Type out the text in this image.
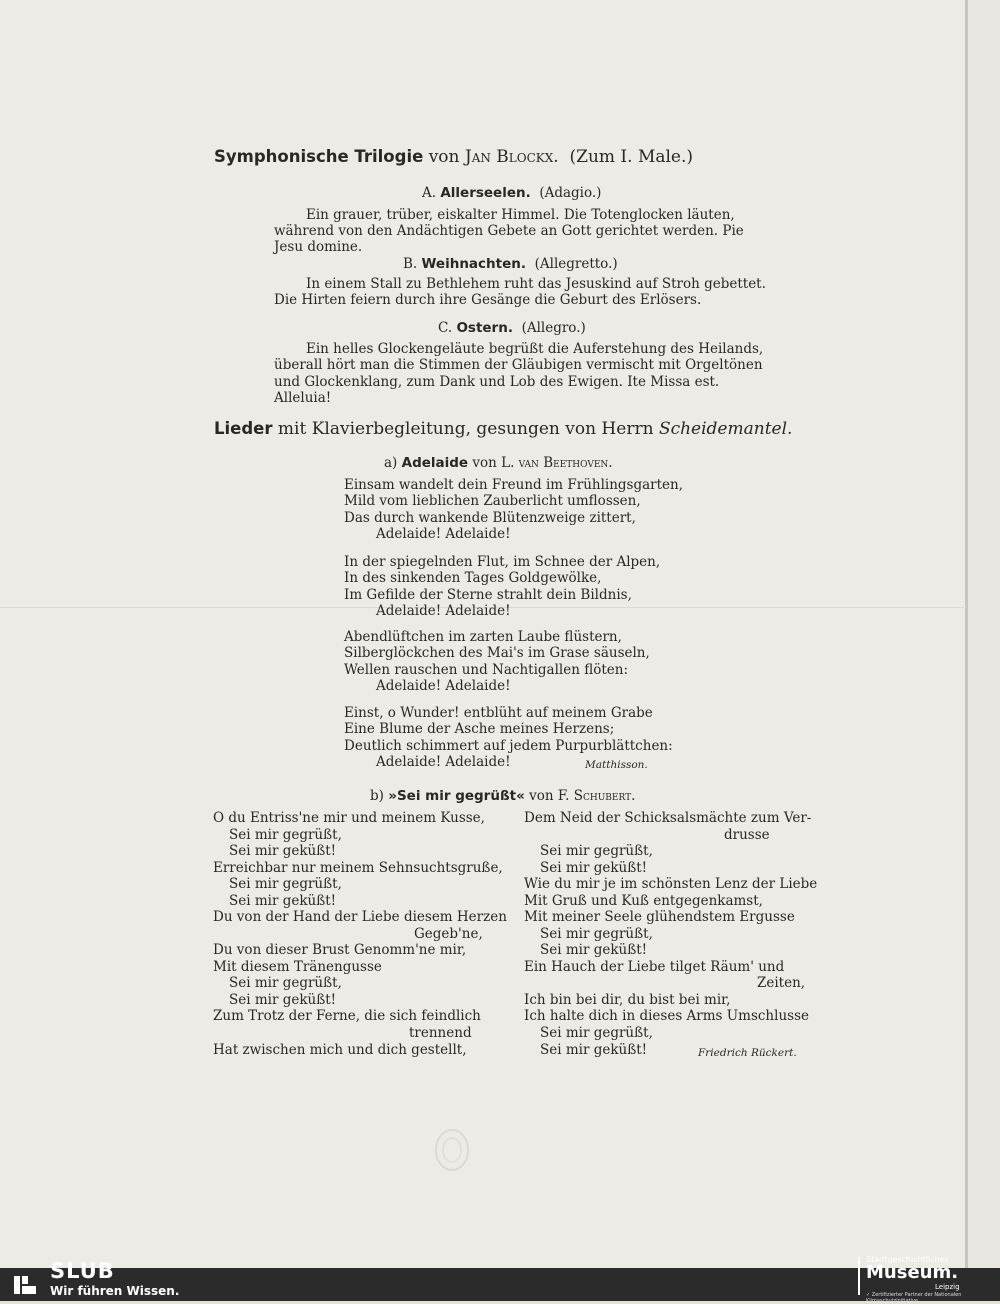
Symphonische Trilogie von Jan Blockx. (Zum I. Male.)
A. Allerseelen. (Adagio.)
Ein grauer, trüber, eiskalter Himmel. Die Totenglocken läuten,
während von den Andächtigen Gebete an Gott gerichtet werden. Pie
Jesu domine.
B. Weihnachten. (Allegretto.)
In einem Stall zu Bethlehem ruht das Jesuskind auf Stroh gebettet.
Die Hirten feiern durch ihre Gesänge die Geburt des Erlösers.
C. Ostern. (Allegro.)
Ein helles Glockengeläute begrüßt die Auferstehung des Heilands,
überall hört man die Stimmen der Gläubigen vermischt mit Orgeltönen
und Glockenklang, zum Dank und Lob des Ewigen. Ite Missa est.
Alleluia!
Lieder mit Klavierbegleitung, gesungen von Herrn Scheidemantel.
a) Adelaide von L. van Beethoven.
Einsam wandelt dein Freund im Frühlingsgarten,
Mild vom lieblichen Zauberlicht umflossen,
Das durch wankende Blütenzweige zittert,
Adelaide! Adelaide!
In der spiegelnden Flut, im Schnee der Alpen,
In des sinkenden Tages Goldgewölke,
Im Gefilde der Sterne strahlt dein Bildnis,
Adelaide! Adelaide!
Abendlüftchen im zarten Laube flüstern,
Silberglöckchen des Mai's im Grase säuseln,
Wellen rauschen und Nachtigallen flöten:
Adelaide! Adelaide!
Einst, o Wunder! entblüht auf meinem Grabe
Eine Blume der Asche meines Herzens;
Deutlich schimmert auf jedem Purpurblättchen:
Adelaide! Adelaide!	Matthisson.
b) »Sei mir gegrüßt« von F. Schubert.
O du Entriss'ne mir und meinem Kusse,
Sei mir gegrüßt,
Sei mir geküßt!
Erreichbar nur meinem Sehnsuchtsgruße,
Sei mir gegrüßt,
Sei mir geküßt!
Du von der Hand der Liebe diesem Herzen
Gegeb'ne,
Du von dieser Brust Genomm'ne mir,
Mit diesem Tränengusse
Sei mir gegrüßt,
Sei mir geküßt!
Zum Trotz der Ferne, die sich feindlich
trennend
Hat zwischen mich und dich gestellt,
Dem Neid der Schicksalsmächte zum Ver-
drusse
Sei mir gegrüßt,
Sei mir geküßt!
Wie du mir je im schönsten Lenz der Liebe
Mit Gruß und Kuß entgegenkamst,
Mit meiner Seele glühendstem Ergusse
Sei mir gegrüßt,
Sei mir geküßt!
Ein Hauch der Liebe tilget Räum' und
Zeiten,
Ich bin bei dir, du bist bei mir,
Ich halte dich in dieses Arms Umschlusse
Sei mir gegrüßt,
Sei mir geküßt!	Friedrich Rückert.
SLUB
Wir führen Wissen.
Stadtgeschichtliches
Museum.
Leipzig
✓ Zertifizierter Partner der Nationalen Klimaschutzinitiative
